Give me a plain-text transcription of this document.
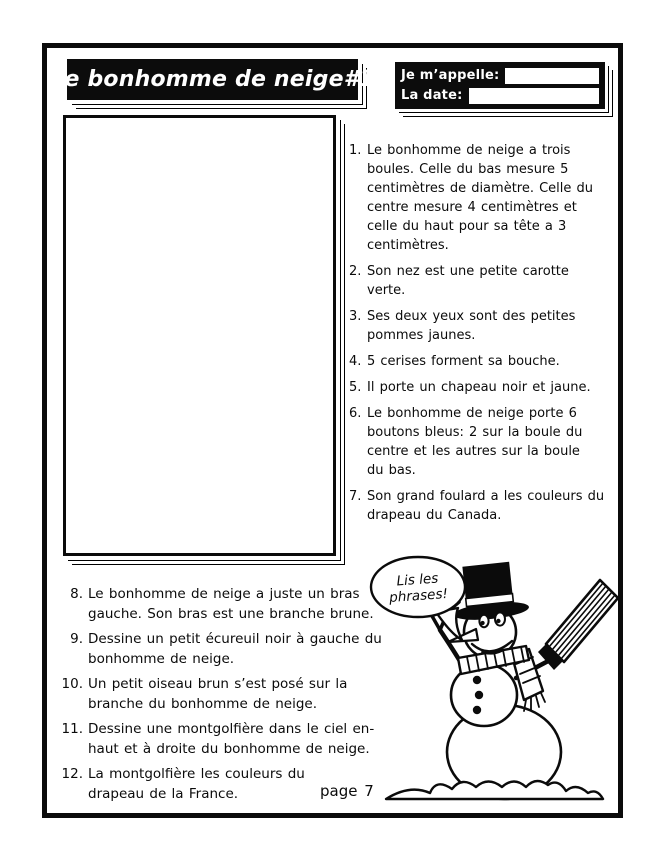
Le bonhomme de neige#1 Je m’appelle:
La date:
1. Le bonhomme de neige a trois
boules. Celle du bas mesure 5
centimètres de diamètre. Celle du
centre mesure 4 centimètres et
celle du haut pour sa tête a 3
centimètres.
2. Son nez est une petite carotte
verte.
3. Ses deux yeux sont des petites
pommes jaunes.
4. 5 cerises forment sa bouche.
5. Il porte un chapeau noir et jaune.
6. Le bonhomme de neige porte 6
boutons bleus: 2 sur la boule du
centre et les autres sur la boule
du bas.
7. Son grand foulard a les couleurs du
drapeau du Canada.
8. Le bonhomme de neige a juste un bras
gauche. Son bras est une branche brune.
9. Dessine un petit écureuil noir à gauche du
bonhomme de neige.
10. Un petit oiseau brun s’est posé sur la
branche du bonhomme de neige.
11. Dessine une montgolfière dans le ciel en-
haut et à droite du bonhomme de neige.
12. La montgolfière les couleurs du
drapeau de la France.	page 7
Lis les
phrases!
